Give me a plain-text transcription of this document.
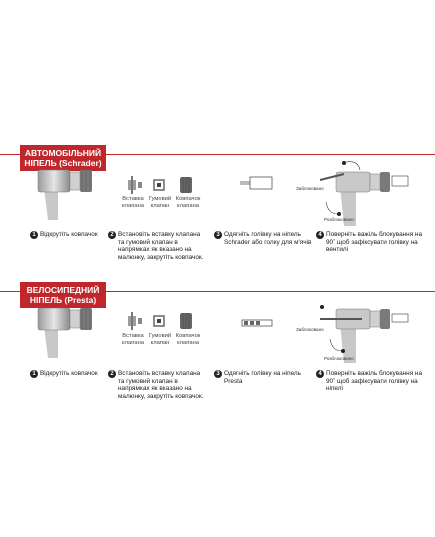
АВТОМОБІЛЬНИЙ
НІПЕЛЬ (Schrader)
Вставка
клапана
Гумовий
клапан
Ковпачок
клапана
Заблоковано
Розблоковано
1 Відкрутіть ковпачок	2 Встановіть вставку клапана та гумовий клапан в напрямках як вказано на малюнку, закрутіть ковпачок.
3 Одягніть голівку на ніпель Schrader або голку для м'ячів
4 Поверніть важіль блокування на 90˚ щоб зафіксувати голівку на вентилі
ВЕЛОСИПЕДНИЙ
НІПЕЛЬ (Presta)
Вставка
клапана
Гумовий
клапан
Ковпачок
клапана
Заблоковано
Розблоковано
1 Відкрутіть ковпачок	2 Встановіть вставку клапана та гумовий клапан в напрямках як вказано на малюнку, закрутіть ковпачок.
3 Одягніть голівку на ніпель Presta
4 Поверніть важіль блокування на 90˚ щоб зафіксувати голівку на ніпелі
